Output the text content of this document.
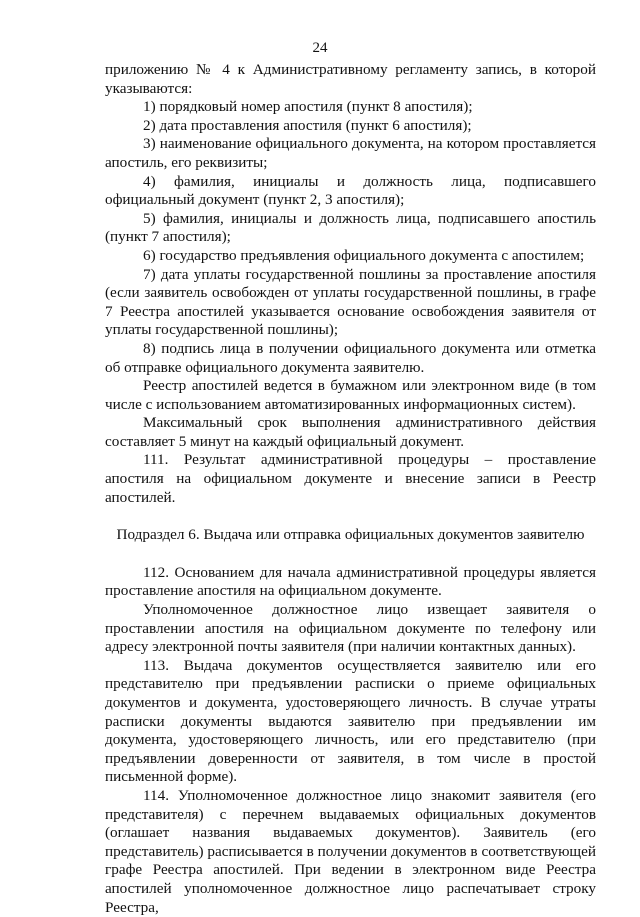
24

приложению № 4 к Административному регламенту запись, в которой указываются:

1) порядковый номер апостиля (пункт 8 апостиля);

2) дата проставления апостиля (пункт 6 апостиля);

3) наименование официального документа, на котором проставляется апостиль, его реквизиты;

4) фамилия, инициалы и должность лица, подписавшего официальный документ (пункт 2, 3 апостиля);

5) фамилия, инициалы и должность лица, подписавшего апостиль (пункт 7 апостиля);

6) государство предъявления официального документа с апостилем;

7) дата уплаты государственной пошлины за проставление апостиля (если заявитель освобожден от уплаты государственной пошлины, в графе 7 Реестра апостилей указывается основание освобождения заявителя от уплаты государственной пошлины);

8) подпись лица в получении официального документа или отметка об отправке официального документа заявителю.

Реестр апостилей ведется в бумажном или электронном виде (в том числе с использованием автоматизированных информационных систем).

Максимальный срок выполнения административного действия составляет 5 минут на каждый официальный документ.

111. Результат административной процедуры – проставление апостиля на официальном документе и внесение записи в Реестр апостилей.

Подраздел 6. Выдача или отправка официальных документов заявителю

112. Основанием для начала административной процедуры является проставление апостиля на официальном документе.

Уполномоченное должностное лицо извещает заявителя о проставлении апостиля на официальном документе по телефону или адресу электронной почты заявителя (при наличии контактных данных).

113. Выдача документов осуществляется заявителю или его представителю при предъявлении расписки о приеме официальных документов и документа, удостоверяющего личность. В случае утраты расписки документы выдаются заявителю при предъявлении им документа, удостоверяющего личность, или его представителю (при предъявлении доверенности от заявителя, в том числе в простой письменной форме).

114. Уполномоченное должностное лицо знакомит заявителя (его представителя) с перечнем выдаваемых официальных документов (оглашает названия выдаваемых документов). Заявитель (его представитель) расписывается в получении документов в соответствующей графе Реестра апостилей. При ведении в электронном виде Реестра апостилей уполномоченное должностное лицо распечатывает строку Реестра,
